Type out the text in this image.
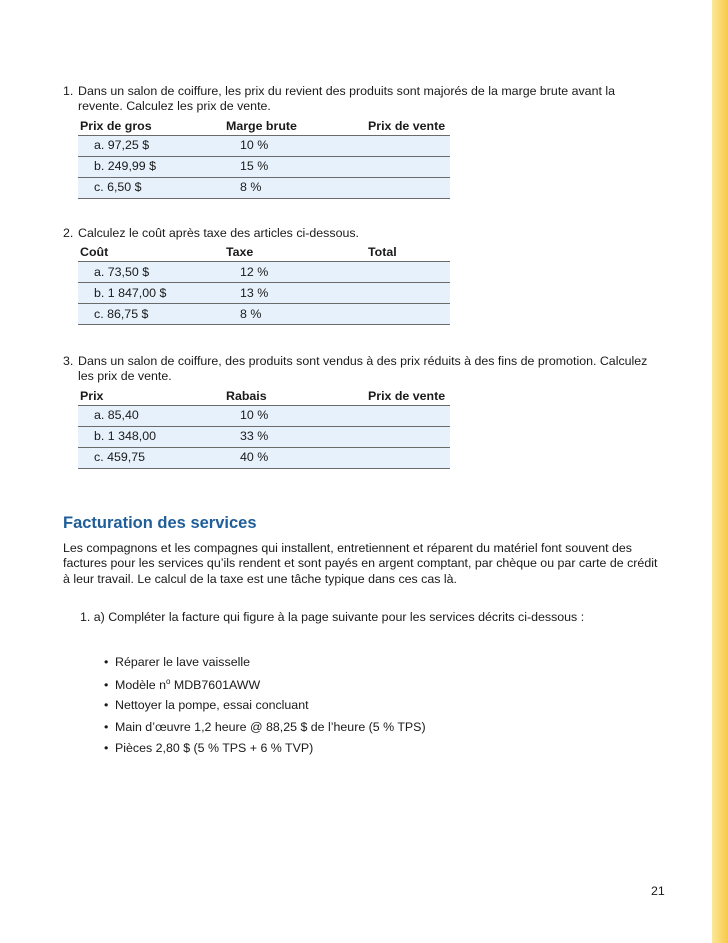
1. Dans un salon de coiffure, les prix du revient des produits sont majorés de la marge brute avant la revente. Calculez les prix de vente.
Prix de gros	Marge brute	Prix de vente
a. 97,25 $	10 %
b. 249,99 $	15 %
c. 6,50 $	8 %
2. Calculez le coût après taxe des articles ci-dessous.
Coût	Taxe	Total
a. 73,50 $	12 %
b. 1 847,00 $	13 %
c. 86,75 $	8 %
3. Dans un salon de coiffure, des produits sont vendus à des prix réduits à des fins de promotion. Calculez les prix de vente.
Prix	Rabais	Prix de vente
a. 85,40	10 %
b. 1 348,00	33 %
c. 459,75	40 %
Facturation des services
Les compagnons et les compagnes qui installent, entretiennent et réparent du matériel font souvent des factures pour les services qu’ils rendent et sont payés en argent comptant, par chèque ou par carte de crédit à leur travail. Le calcul de la taxe est une tâche typique dans ces cas là.
1. a) Compléter la facture qui figure à la page suivante pour les services décrits ci-dessous :
• Réparer le lave vaisselle
• Modèle $n^o$ MDB7601AWW
• Nettoyer la pompe, essai concluant
• Main d’œuvre 1,2 heure @ 88,25 $ de l’heure (5 % TPS)
• Pièces 2,80 $ (5 % TPS + 6 % TVP)
21
